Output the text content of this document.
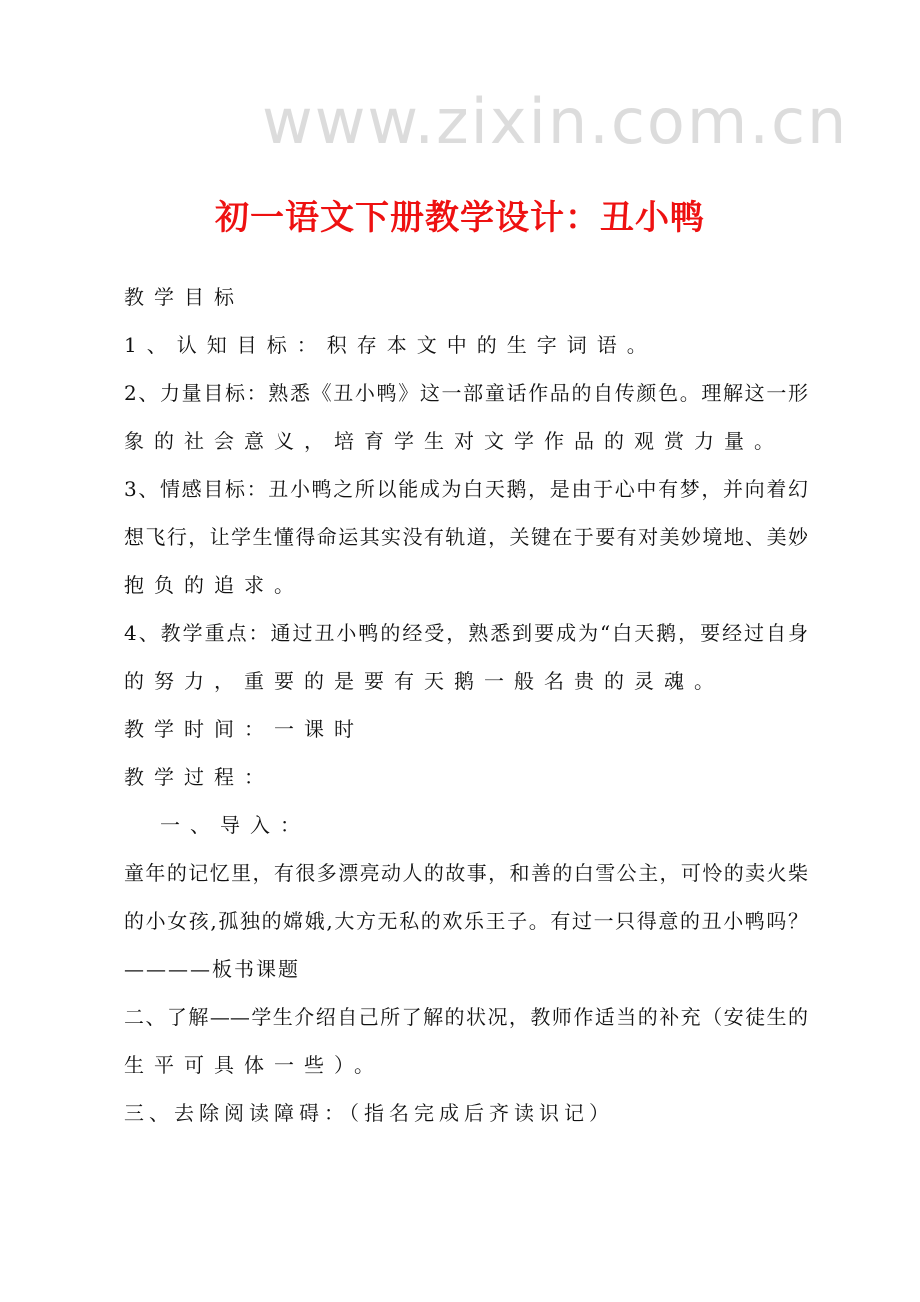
www.zixin.com.cn
初一语文下册教学设计：丑小鸭
教学目标
1、认知目标：积存本文中的生字词语。
2、力量目标：熟悉《丑小鸭》这一部童话作品的自传颜色。理解这一形
象的社会意义，培育学生对文学作品的观赏力量。
3、情感目标：丑小鸭之所以能成为白天鹅，是由于心中有梦，并向着幻
想飞行，让学生懂得命运其实没有轨道，关键在于要有对美妙境地、美妙
抱负的追求。
4、教学重点：通过丑小鸭的经受，熟悉到要成为“白天鹅，要经过自身
的努力，重要的是要有天鹅一般名贵的灵魂。
教学时间：一课时
教学过程：
一、导入：
童年的记忆里，有很多漂亮动人的故事，和善的白雪公主，可怜的卖火柴
的小女孩,孤独的嫦娥,大方无私的欢乐王子。有过一只得意的丑小鸭吗？
————板书课题
二、了解——学生介绍自己所了解的状况，教师作适当的补充（安徒生的
生平可具体一些）。
三、去除阅读障碍：（指名完成后齐读识记）
